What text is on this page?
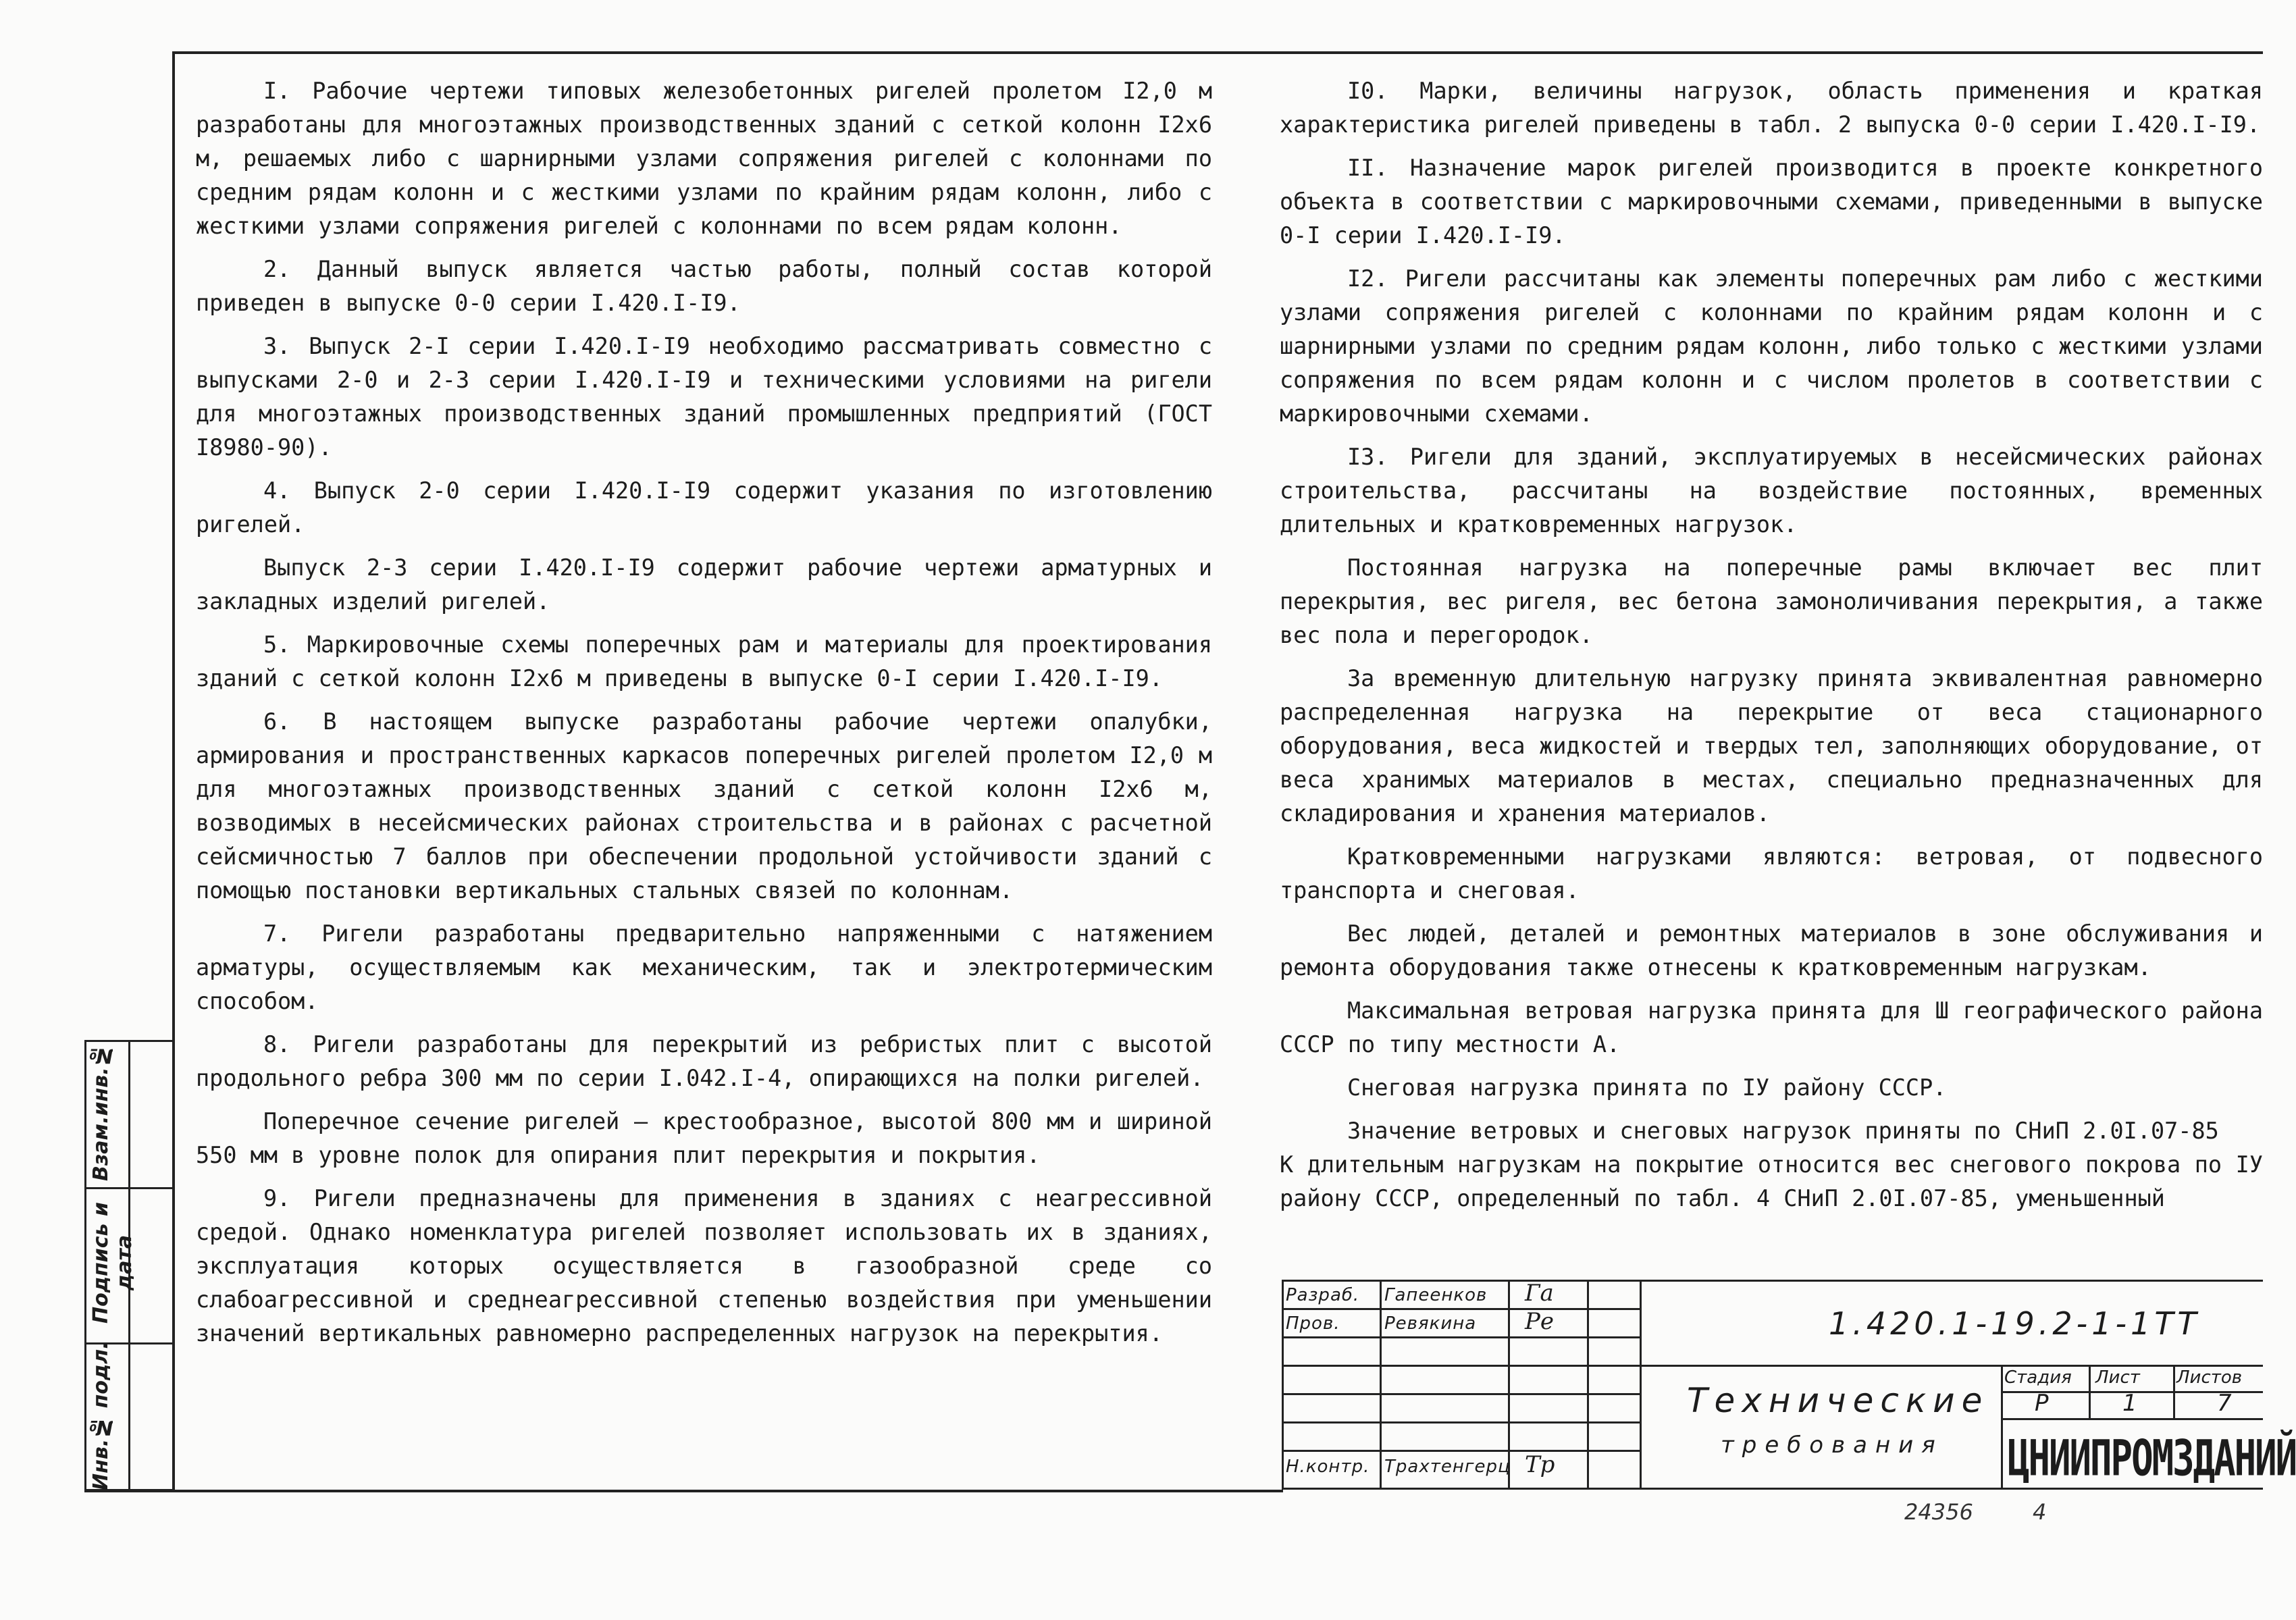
Взам.инв.№
Подпись и дата
Инв.№ подл.

I. Рабочие чертежи типовых железобетонных ригелей пролетом I2,0 м разработаны для многоэтажных производственных зданий с сеткой колонн I2х6 м, решаемых либо с шарнирными узлами сопряжения ригелей с колоннами по средним рядам колонн и с жесткими узлами по крайним рядам колонн, либо с жесткими узлами сопряжения ригелей с колоннами по всем рядам колонн.

2. Данный выпуск является частью работы, полный состав которой приведен в выпуске 0-0 серии I.420.I-I9.

3. Выпуск 2-I серии I.420.I-I9 необходимо рассматривать совместно с выпусками 2-0 и 2-3 серии I.420.I-I9 и техническими условиями на ригели для многоэтажных производственных зданий промышленных предприятий (ГОСТ I8980-90).

4. Выпуск 2-0 серии I.420.I-I9 содержит указания по изготовлению ригелей.

Выпуск 2-3 серии I.420.I-I9 содержит рабочие чертежи арматурных и закладных изделий ригелей.

5. Маркировочные схемы поперечных рам и материалы для проектирования зданий с сеткой колонн I2х6 м приведены в выпуске 0-I серии I.420.I-I9.

6. В настоящем выпуске разработаны рабочие чертежи опалубки, армирования и пространственных каркасов поперечных ригелей пролетом I2,0 м для многоэтажных производственных зданий с сеткой колонн I2х6 м, возводимых в несейсмических районах строительства и в районах с расчетной сейсмичностью 7 баллов при обеспечении продольной устойчивости зданий с помощью постановки вертикальных стальных связей по колоннам.

7. Ригели разработаны предварительно напряженными с натяжением арматуры, осуществляемым как механическим, так и электротермическим способом.

8. Ригели разработаны для перекрытий из ребристых плит с высотой продольного ребра 300 мм по серии I.042.I-4, опирающихся на полки ригелей.

Поперечное сечение ригелей – крестообразное, высотой 800 мм и шириной 550 мм в уровне полок для опирания плит перекрытия и покрытия.

9. Ригели предназначены для применения в зданиях с неагрессивной средой. Однако номенклатура ригелей позволяет использовать их в зданиях, эксплуатация которых осуществляется в газообразной среде со слабоагрессивной и среднеагрессивной степенью воздействия при уменьшении значений вертикальных равномерно распределенных нагрузок на перекрытия.

I0. Марки, величины нагрузок, область применения и краткая характеристика ригелей приведены в табл. 2 выпуска 0-0 серии I.420.I-I9.

II. Назначение марок ригелей производится в проекте конкретного объекта в соответствии с маркировочными схемами, приведенными в выпуске 0-I серии I.420.I-I9.

I2. Ригели рассчитаны как элементы поперечных рам либо с жесткими узлами сопряжения ригелей с колоннами по крайним рядам колонн и с шарнирными узлами по средним рядам колонн, либо только с жесткими узлами сопряжения по всем рядам колонн и с числом пролетов в соответствии с маркировочными схемами.

I3. Ригели для зданий, эксплуатируемых в несейсмических районах строительства, рассчитаны на воздействие постоянных, временных длительных и кратковременных нагрузок.

Постоянная нагрузка на поперечные рамы включает вес плит перекрытия, вес ригеля, вес бетона замоноличивания перекрытия, а также вес пола и перегородок.

За временную длительную нагрузку принята эквивалентная равномерно распределенная нагрузка на перекрытие от веса стационарного оборудования, веса жидкостей и твердых тел, заполняющих оборудование, от веса хранимых материалов в местах, специально предназначенных для складирования и хранения материалов.

Кратковременными нагрузками являются: ветровая, от подвесного транспорта и снеговая.

Вес людей, деталей и ремонтных материалов в зоне обслуживания и ремонта оборудования также отнесены к кратковременным нагрузкам.

Максимальная ветровая нагрузка принята для Ш географического района СССР по типу местности А.

Снеговая нагрузка принята по IУ району СССР.

Значение ветровых и снеговых нагрузок приняты по СНиП 2.0I.07-85

К длительным нагрузкам на покрытие относится вес снегового покрова по IУ району СССР, определенный по табл. 4 СНиП 2.0I.07-85, уменьшенный

Разраб. Гапеенков Га
Пров.	Ревякина Ре
Н.контр. Трахтенгерц Тр
1.420.1-19.2-1-1ТТ
Технические
требования
Стадия Лист Листов
Р	1	7
ЦНИИПРОМЗДАНИЙ
24356	4
